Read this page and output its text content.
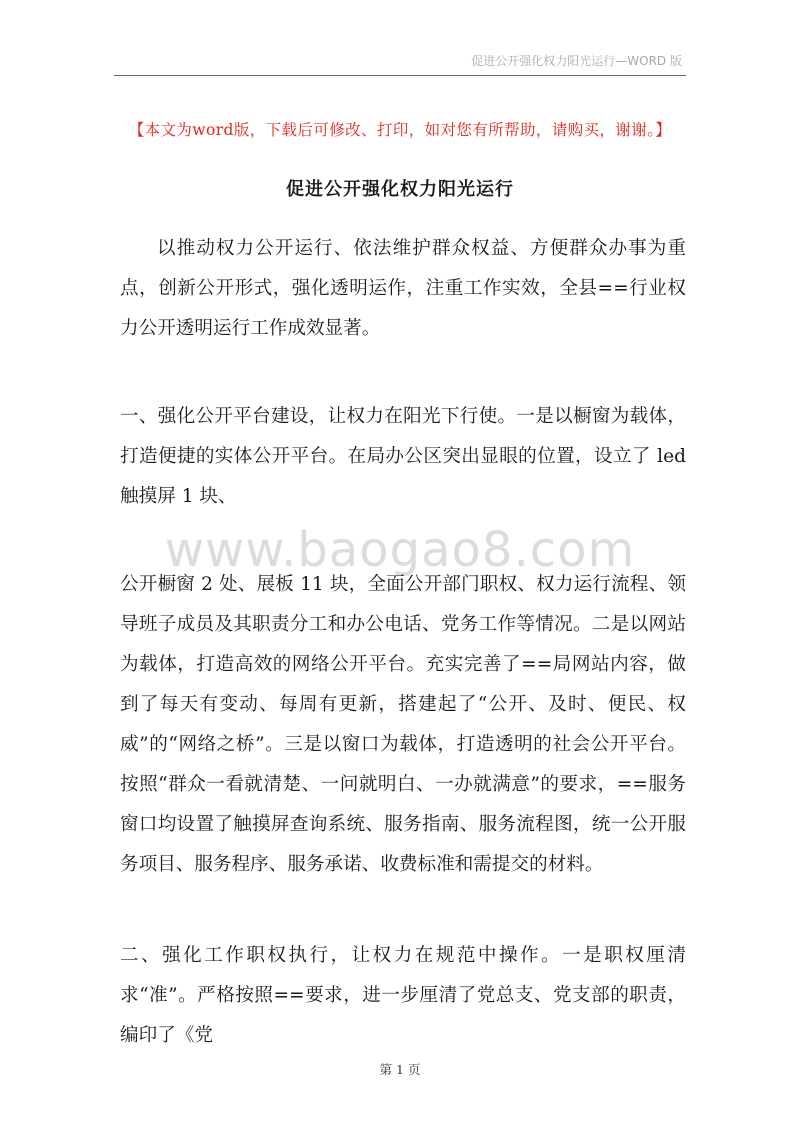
促进公开强化权力阳光运行—WORD 版
【本文为word版，下载后可修改、打印，如对您有所帮助，请购买，谢谢。】
促进公开强化权力阳光运行

以推动权力公开运行、依法维护群众权益、方便群众办事为重点，创新公开形式，强化透明运作，注重工作实效，全县==行业权力公开透明运行工作成效显著。

一、强化公开平台建设，让权力在阳光下行使。一是以橱窗为载体，打造便捷的实体公开平台。在局办公区突出显眼的位置，设立了 led 触摸屏 1 块、

www.baogao8.com

公开橱窗 2 处、展板 11 块，全面公开部门职权、权力运行流程、领导班子成员及其职责分工和办公电话、党务工作等情况。二是以网站为载体，打造高效的网络公开平台。充实完善了==局网站内容，做到了每天有变动、每周有更新，搭建起了“公开、及时、便民、权威”的“网络之桥”。三是以窗口为载体，打造透明的社会公开平台。按照“群众一看就清楚、一问就明白、一办就满意”的要求，==服务窗口均设置了触摸屏查询系统、服务指南、服务流程图，统一公开服务项目、服务程序、服务承诺、收费标准和需提交的材料。

二、强化工作职权执行，让权力在规范中操作。一是职权厘清求“准”。严格按照==要求，进一步厘清了党总支、党支部的职责，编印了《党

第 1 页
